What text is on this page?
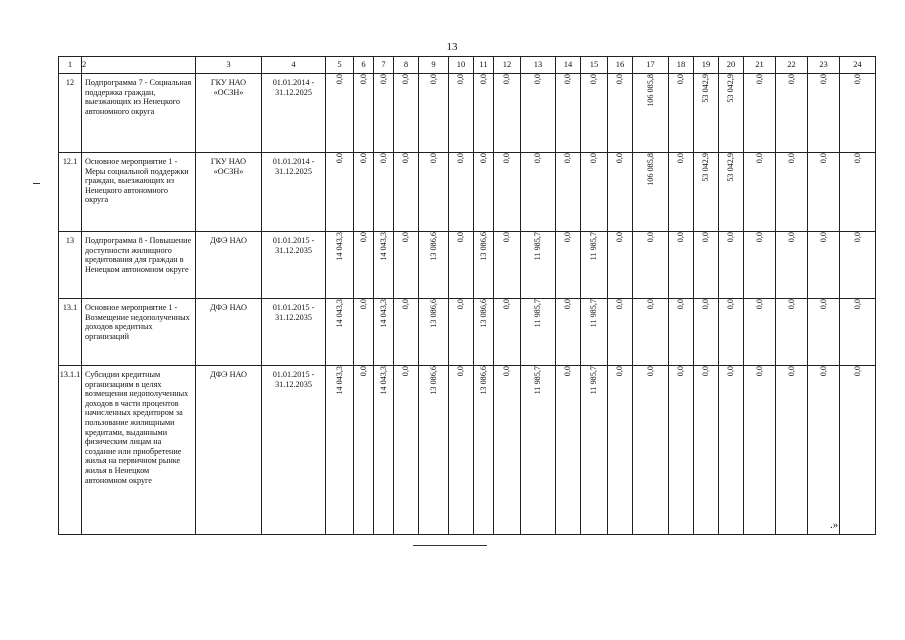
13
1	2	3	4	5	6	7	8	9	10	11	12	13	14	15	16	17	18	19	20	21	22	23	24
12	Подпрограмма 7 - Социальная поддержка граждан, выезжающих из Ненецкого автономного округа	ГКУ НАО «ОСЗН»	01.01.2014 - 31.12.2025	0,0	0,0	0,0	0,0	0,0	0,0	0,0	0,0	0,0	0,0	0,0	0,0	106 085,8	0,0	53 042,9	53 042,9	0,0	0,0	0,0	0,0
12.1	Основное мероприятие 1 - Меры социальной поддержки граждан, выезжающих из Ненецкого автономного округа	ГКУ НАО «ОСЗН»	01.01.2014 - 31.12.2025	0,0	0,0	0,0	0,0	0,0	0,0	0,0	0,0	0,0	0,0	0,0	0,0	106 085,8	0,0	53 042,9	53 042,9	0,0	0,0	0,0	0,0
13	Подпрограмма 8 - Повышение доступности жилищного кредитования для граждан в Ненецком автономном округе	ДФЭ НАО	01.01.2015 - 31.12.2035	14 043,3	0,0	14 043,3	0,0	13 086,6	0,0	13 086,6	0,0	11 985,7	0,0	11 985,7	0,0	0,0	0,0	0,0	0,0	0,0	0,0	0,0	0,0
13.1	Основное мероприятие 1 - Возмещение недополученных доходов кредитных организаций	ДФЭ НАО	01.01.2015 - 31.12.2035	14 043,3	0,0	14 043,3	0,0	13 086,6	0,0	13 086,6	0,0	11 985,7	0,0	11 985,7	0,0	0,0	0,0	0,0	0,0	0,0	0,0	0,0	0,0
13.1.1	Субсидии кредитным организациям в целях возмещения недополученных доходов в части процентов начисленных кредитором за пользование жилищными кредитами, выданными физическим лицам на создание или приобретение жилья на первичном рынке жилья в Ненецком автономном округе	ДФЭ НАО	01.01.2015 - 31.12.2035	14 043,3	0,0	14 043,3	0,0	13 086,6	0,0	13 086,6	0,0	11 985,7	0,0	11 985,7	0,0	0,0	0,0	0,0	0,0	0,0	0,0	0,0	0,0
.»
